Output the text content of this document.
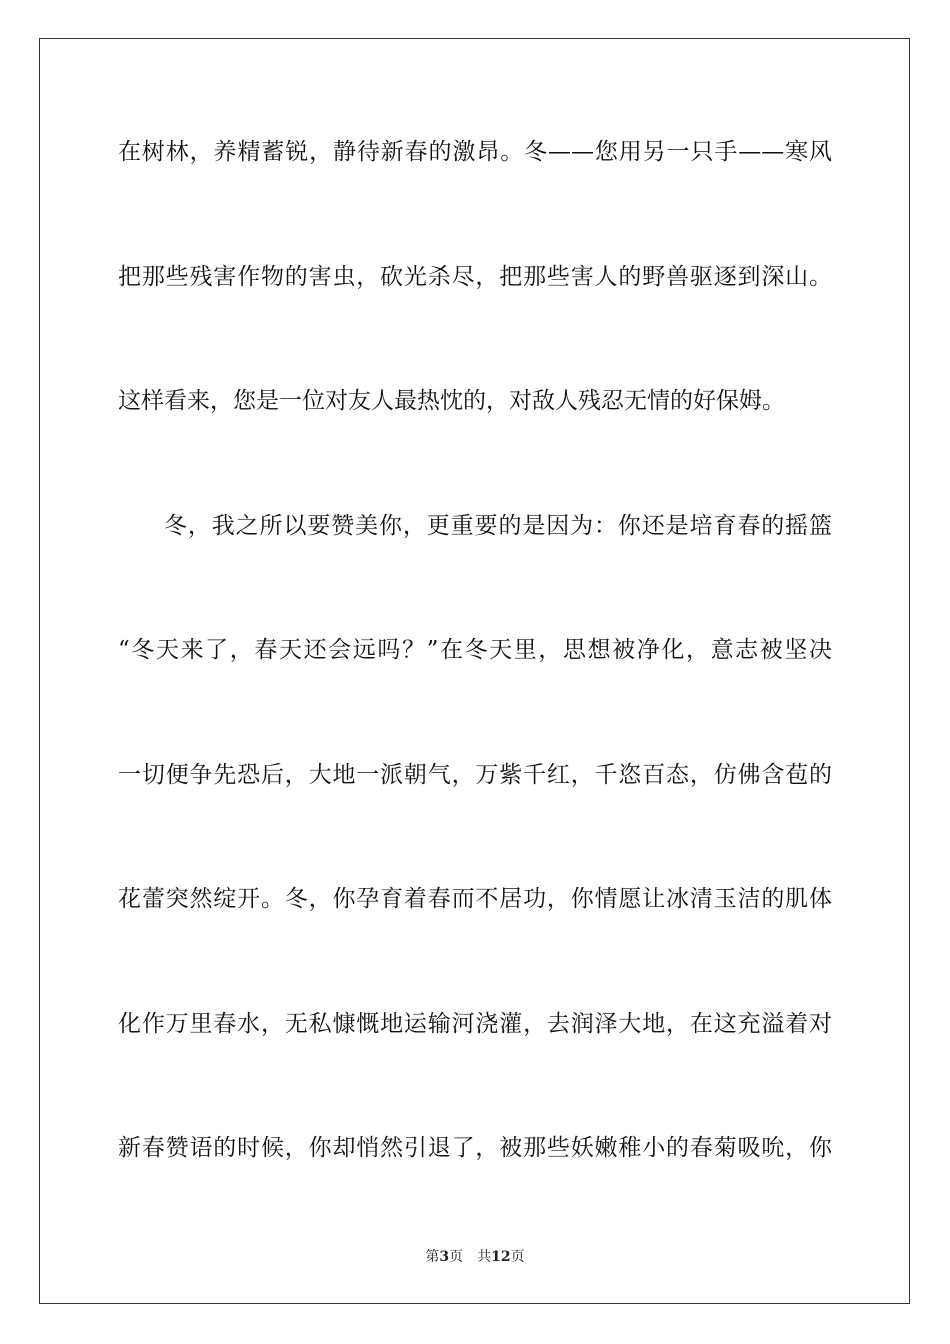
在树林，养精蓄锐，静待新春的激昂。冬——您用另一只手——寒风
把那些残害作物的害虫，砍光杀尽，把那些害人的野兽驱逐到深山。
这样看来，您是一位对友人最热忱的，对敌人残忍无情的好保姆。
冬，我之所以要赞美你，更重要的是因为：你还是培育春的摇篮
“冬天来了，春天还会远吗？”在冬天里，思想被净化，意志被坚决
一切便争先恐后，大地一派朝气，万紫千红，千恣百态，仿佛含苞的
花蕾突然绽开。冬，你孕育着春而不居功，你情愿让冰清玉洁的肌体
化作万里春水，无私慷慨地运输河浇灌，去润泽大地，在这充溢着对
新春赞语的时候，你却悄然引退了，被那些妖嫩稚小的春菊吸吮，你
第3页 共12页
